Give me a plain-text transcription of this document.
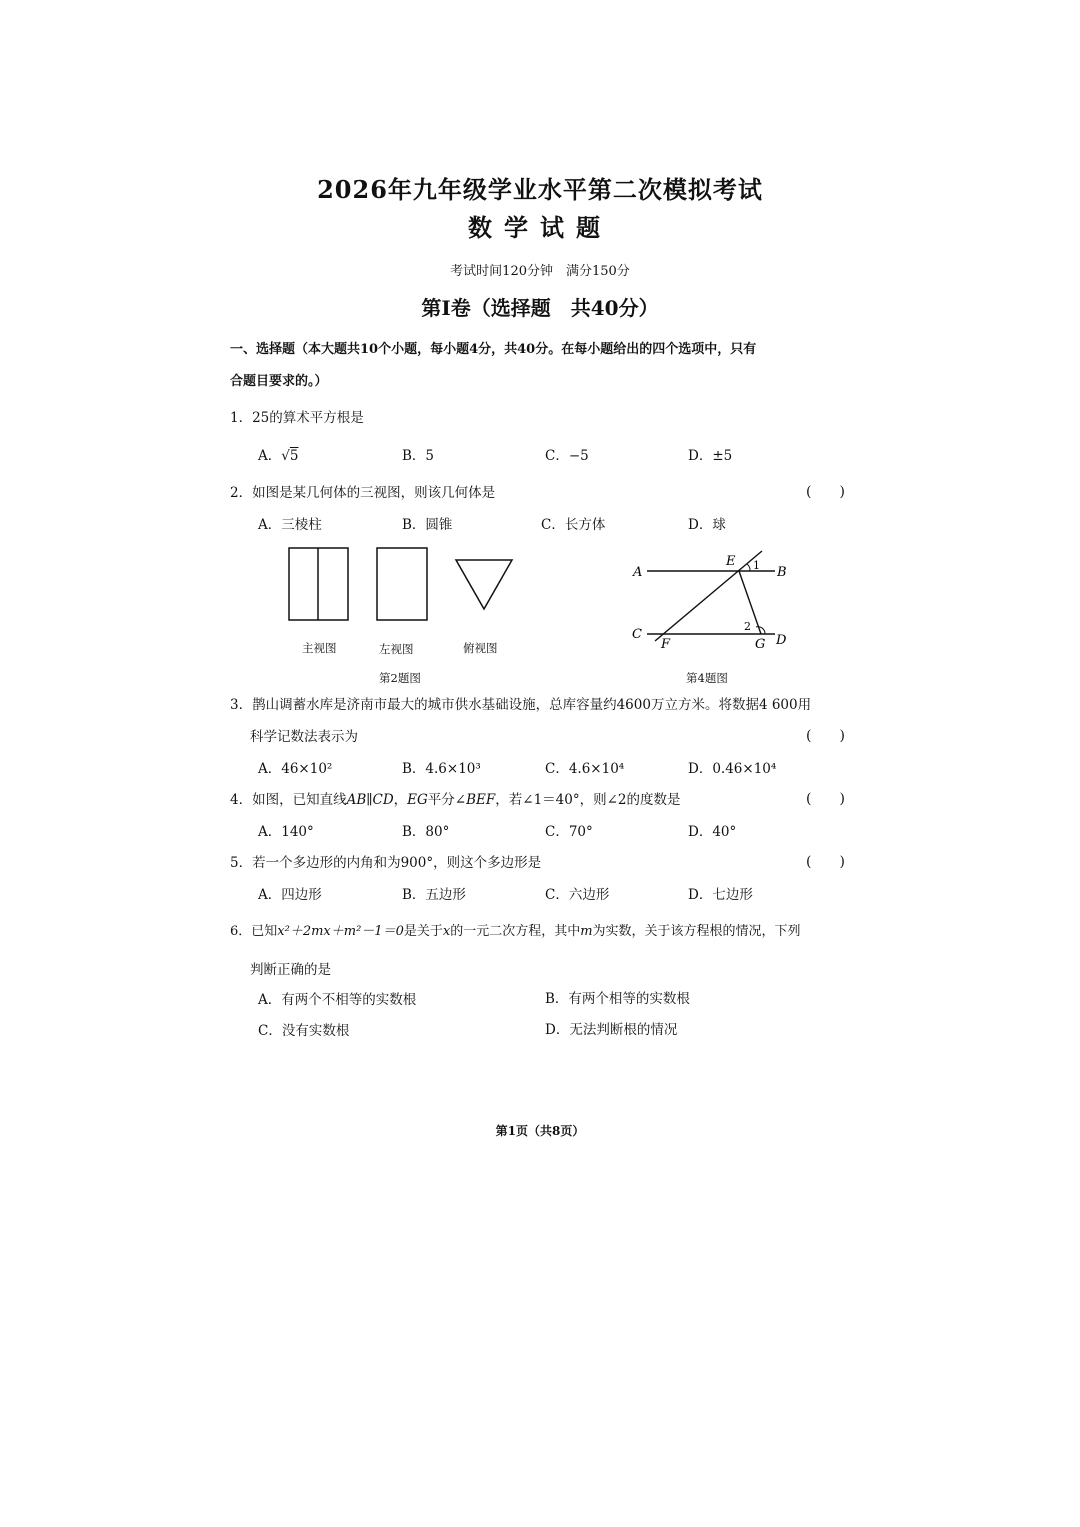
2026年九年级学业水平第二次模拟考试
数学试题
考试时间120分钟　满分150分
第Ⅰ卷（选择题　共40分）
一、选择题（本大题共10个小题，每小题4分，共40分。在每小题给出的四个选项中，只有
合题目要求的。）
1．25的算术平方根是
A．√5	B．5	C．−5	D．±5
2．如图是某几何体的三视图，则该几何体是	(　　)
A．三棱柱	B．圆锥	C．长方体	D．球
主视图	左视图	俯视图
第2题图
A	B
E 1
C
F
2
G D
第4题图
3．鹊山调蓄水库是济南市最大的城市供水基础设施，总库容量约4600万立方米。将数据4 600用
科学记数法表示为	(　　)
A．46×10²	B．4.6×10³	C．4.6×10⁴	D．0.46×10⁴
4．如图，已知直线AB∥CD，EG平分∠BEF，若∠1＝40°，则∠2的度数是	(　　)
A．140°	B．80°	C．70°	D．40°
5．若一个多边形的内角和为900°，则这个多边形是	(　　)
A．四边形	B．五边形	C．六边形	D．七边形
6．已知x²＋2mx＋m²－1＝0是关于x的一元二次方程，其中m为实数，关于该方程根的情况，下列
判断正确的是
A．有两个不相等的实数根	B．有两个相等的实数根
C．没有实数根	D．无法判断根的情况
第1页（共8页）
